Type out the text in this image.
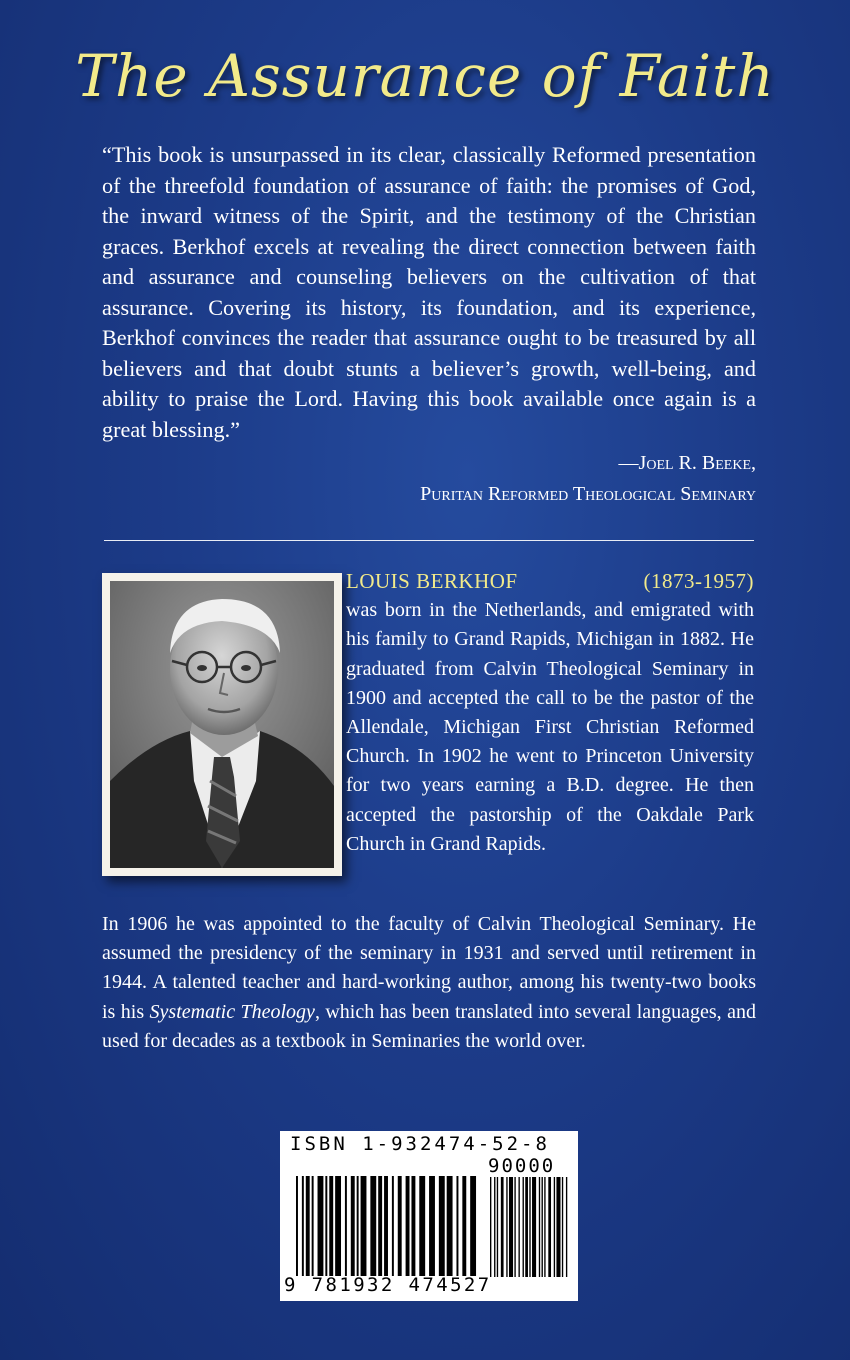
The Assurance of Faith
“This book is unsurpassed in its clear, classically Reformed presentation of the threefold foundation of assurance of faith: the promises of God, the inward witness of the Spirit, and the testimony of the Christian graces. Berkhof excels at revealing the direct connection between faith and assurance and counseling believers on the cultivation of that assurance. Covering its history, its foundation, and its experience, Berkhof convinces the reader that assurance ought to be treasured by all believers and that doubt stunts a believer’s growth, well-being, and ability to praise the Lord. Having this book available once again is a great blessing.”
—Joel R. Beeke,
Puritan Reformed Theological Seminary
LOUIS BERKHOF	(1873-1957)
was born in the Netherlands, and emigrated with his family to Grand Rapids, Michigan in 1882. He graduated from Calvin Theological Seminary in 1900 and accepted the call to be the pastor of the Allendale, Michigan First Christian Reformed Church. In 1902 he went to Princeton University for two years earning a B.D. degree. He then accepted the pastorship of the Oakdale Park Church in Grand Rapids.
In 1906 he was appointed to the faculty of Calvin Theological Seminary. He assumed the presidency of the seminary in 1931 and served until retirement in 1944. A talented teacher and hard-working author, among his twenty-two books is his Systematic Theology, which has been translated into several languages, and used for decades as a textbook in Seminaries the world over.
ISBN 1-932474-52-8
90000
9 781932 474527
